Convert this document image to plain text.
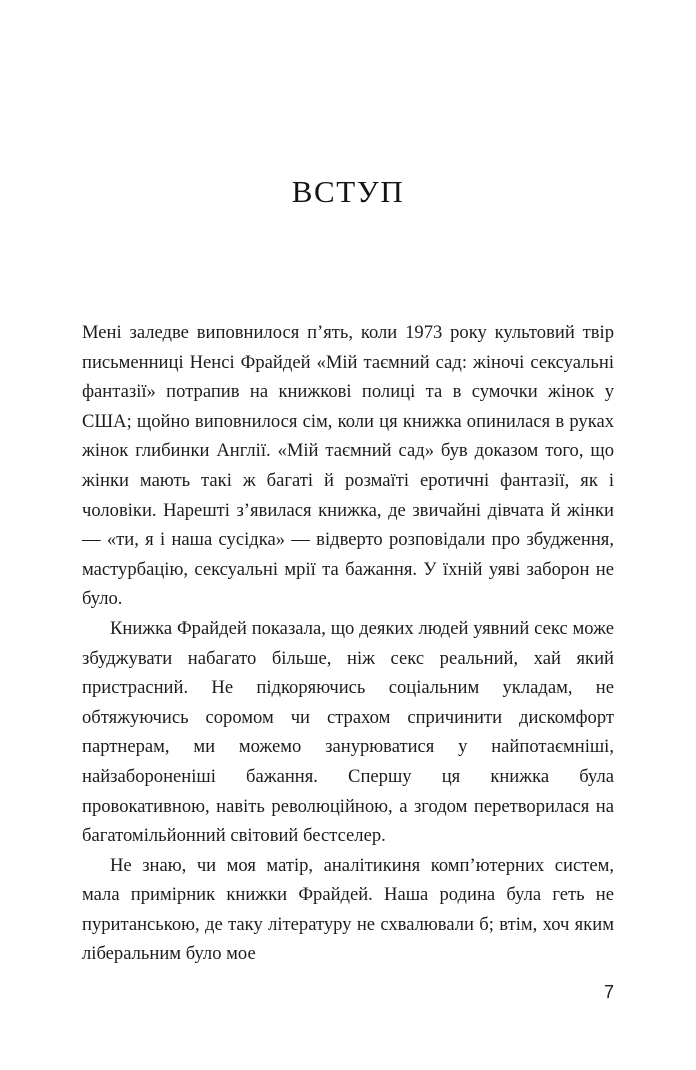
ВСТУП

Мені заледве виповнилося п’ять, коли 1973 року культовий твір письменниці Ненсі Фрайдей «Мій таємний сад: жіночі сексуальні фантазії» потрапив на книжкові полиці та в сумочки жінок у США; щойно виповнилося сім, коли ця книжка опинилася в руках жінок глибинки Англії. «Мій таємний сад» був доказом того, що жінки мають такі ж багаті й розмаїті еротичні фантазії, як і чоловіки. Нарешті з’явилася книжка, де звичайні дівчата й жінки — «ти, я і наша сусідка» — відверто розповідали про збудження, мастурбацію, сексуальні мрії та бажання. У їхній уяві заборон не було.

Книжка Фрайдей показала, що деяких людей уявний секс може збуджувати набагато більше, ніж секс реальний, хай який пристрасний. Не підкоряючись соціальним укладам, не обтяжуючись соромом чи страхом спричинити дискомфорт партнерам, ми можемо занурюватися у найпотаємніші, найзабороненіші бажання. Спершу ця книжка була провокативною, навіть революційною, а згодом перетворилася на багатомільйонний світовий бестселер.

Не знаю, чи моя матір, аналітикиня комп’ютерних систем, мала примірник книжки Фрайдей. Наша родина була геть не пуританською, де таку літературу не схвалювали б; втім, хоч яким ліберальним було мое

7
